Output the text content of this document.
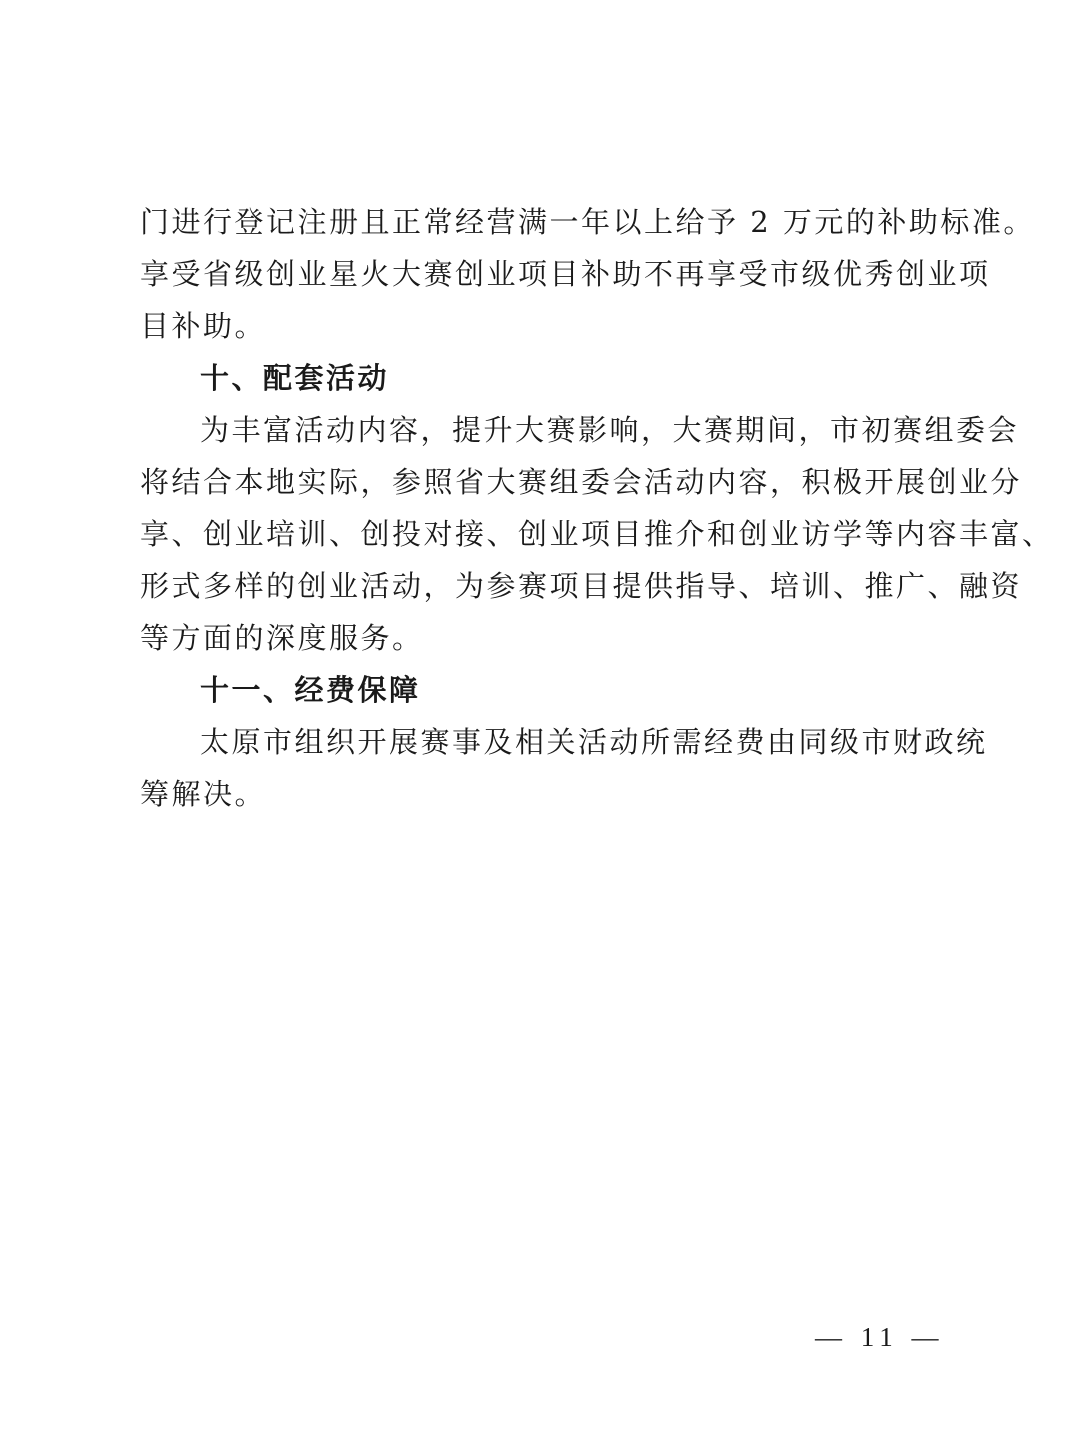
门进行登记注册且正常经营满一年以上给予 2 万元的补助标准。
享受省级创业星火大赛创业项目补助不再享受市级优秀创业项
目补助。
十、配套活动
为丰富活动内容，提升大赛影响，大赛期间，市初赛组委会
将结合本地实际，参照省大赛组委会活动内容，积极开展创业分
享、创业培训、创投对接、创业项目推介和创业访学等内容丰富、
形式多样的创业活动，为参赛项目提供指导、培训、推广、融资
等方面的深度服务。
十一、经费保障
太原市组织开展赛事及相关活动所需经费由同级市财政统
筹解决。
— 11 —
